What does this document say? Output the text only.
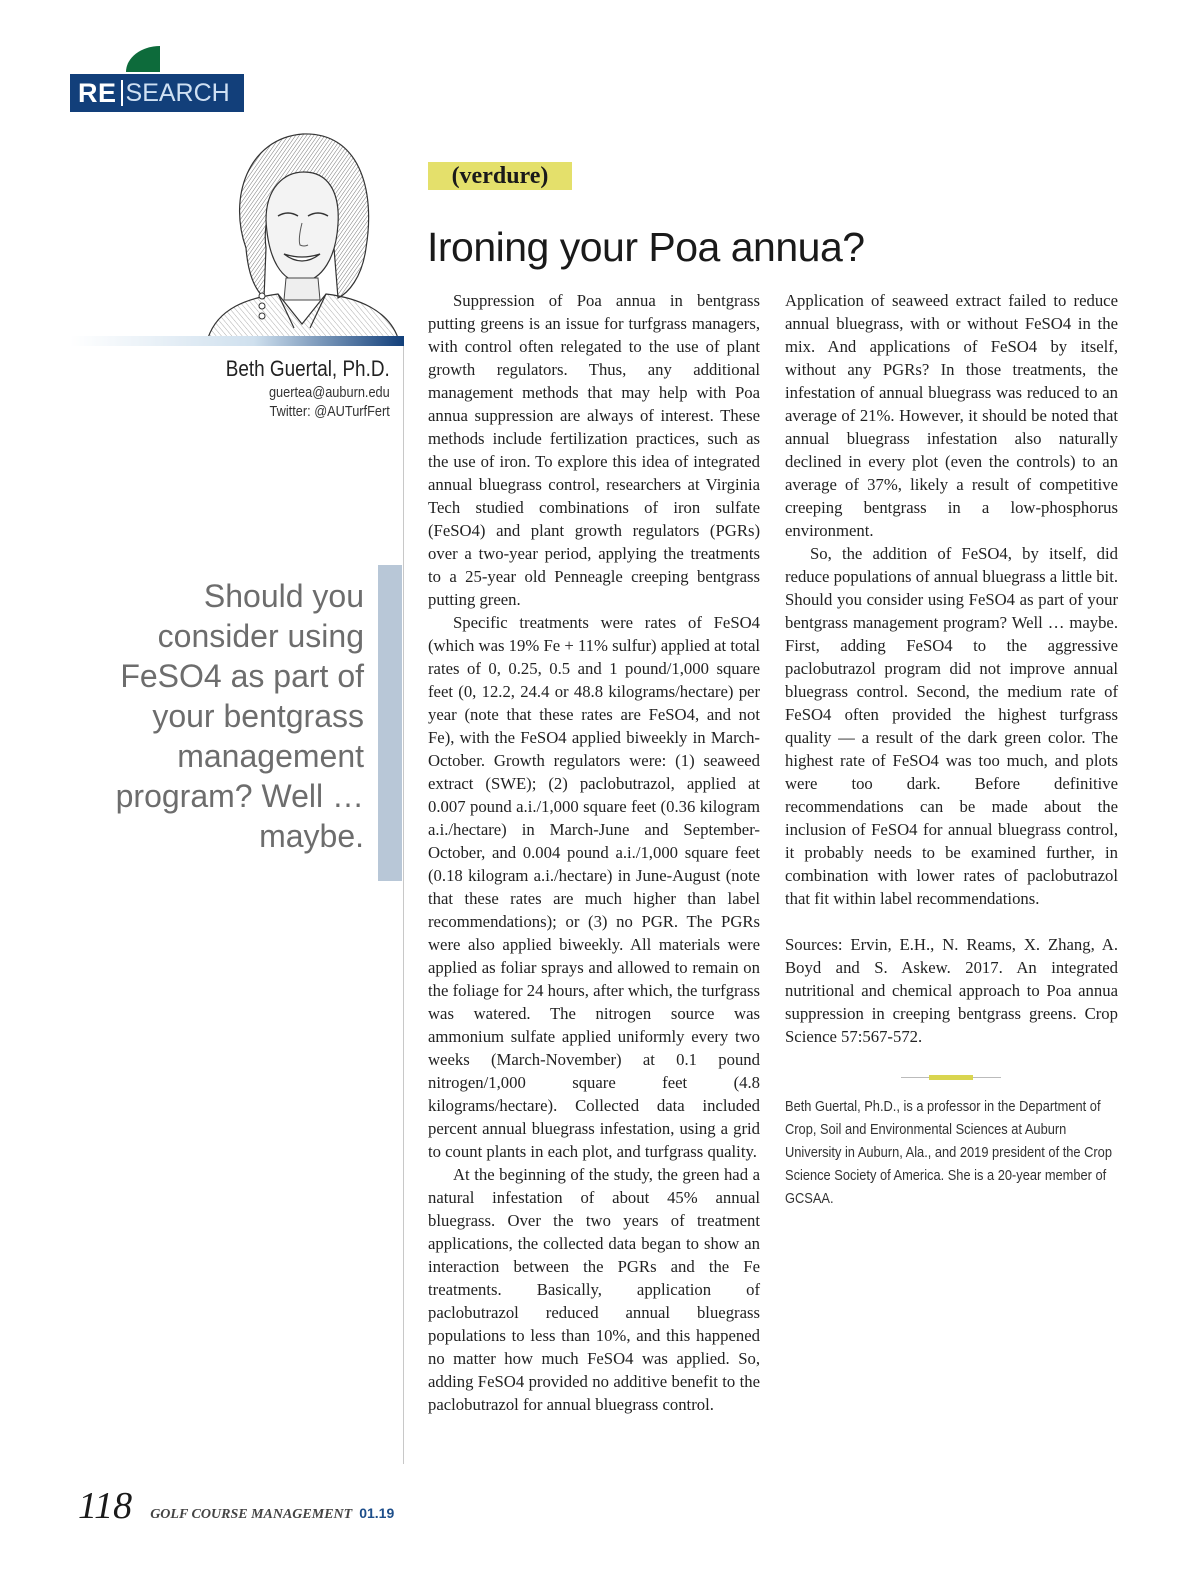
RE SEARCH
Beth Guertal, Ph.D.
guertea@auburn.edu
Twitter: @AUTurfFert
Should you consider using FeSO4 as part of your bentgrass management program? Well … maybe.
(verdure)
Ironing your Poa annua?

Suppression of Poa annua in bentgrass putting greens is an issue for turfgrass managers, with control often relegated to the use of plant growth regulators. Thus, any additional management methods that may help with Poa annua suppression are always of interest. These methods include fertilization practices, such as the use of iron. To explore this idea of integrated annual bluegrass control, researchers at Virginia Tech studied combinations of iron sulfate (FeSO4) and plant growth regulators (PGRs) over a two-year period, applying the treatments to a 25-year old Penneagle creeping bentgrass putting green.

Specific treatments were rates of FeSO4 (which was 19% Fe + 11% sulfur) applied at total rates of 0, 0.25, 0.5 and 1 pound/1,000 square feet (0, 12.2, 24.4 or 48.8 kilograms/hectare) per year (note that these rates are FeSO4, and not Fe), with the FeSO4 applied biweekly in March-October. Growth regulators were: (1) seaweed extract (SWE); (2) paclobutrazol, applied at 0.007 pound a.i./1,000 square feet (0.36 kilogram a.i./hectare) in March-June and September-October, and 0.004 pound a.i./1,000 square feet (0.18 kilogram a.i./hectare) in June-August (note that these rates are much higher than label recommendations); or (3) no PGR. The PGRs were also applied biweekly. All materials were applied as foliar sprays and allowed to remain on the foliage for 24 hours, after which, the turfgrass was watered. The nitrogen source was ammonium sulfate applied uniformly every two weeks (March-November) at 0.1 pound nitrogen/1,000 square feet (4.8 kilograms/hectare). Collected data included percent annual bluegrass infestation, using a grid to count plants in each plot, and turfgrass quality.

At the beginning of the study, the green had a natural infestation of about 45% annual bluegrass. Over the two years of treatment applications, the collected data began to show an interaction between the PGRs and the Fe treatments. Basically, application of paclobutrazol reduced annual bluegrass populations to less than 10%, and this happened no matter how much FeSO4 was applied. So, adding FeSO4 provided no additive benefit to the paclobutrazol for annual bluegrass control.

Application of seaweed extract failed to reduce annual bluegrass, with or without FeSO4 in the mix. And applications of FeSO4 by itself, without any PGRs? In those treatments, the infestation of annual bluegrass was reduced to an average of 21%. However, it should be noted that annual bluegrass infestation also naturally declined in every plot (even the controls) to an average of 37%, likely a result of competitive creeping bentgrass in a low-phosphorus environment.

So, the addition of FeSO4, by itself, did reduce populations of annual bluegrass a little bit. Should you consider using FeSO4 as part of your bentgrass management program? Well … maybe. First, adding FeSO4 to the aggressive paclobutrazol program did not improve annual bluegrass control. Second, the medium rate of FeSO4 often provided the highest turfgrass quality — a result of the dark green color. The highest rate of FeSO4 was too much, and plots were too dark. Before definitive recommendations can be made about the inclusion of FeSO4 for annual bluegrass control, it probably needs to be examined further, in combination with lower rates of paclobutrazol that fit within label recommendations.

Sources: Ervin, E.H., N. Reams, X. Zhang, A. Boyd and S. Askew. 2017. An integrated nutritional and chemical approach to Poa annua suppression in creeping bentgrass greens. Crop Science 57:567-572.

Beth Guertal, Ph.D., is a professor in the Department of Crop, Soil and Environmental Sciences at Auburn University in Auburn, Ala., and 2019 president of the Crop Science Society of America. She is a 20-year member of GCSAA.
118 GOLF COURSE MANAGEMENT 01.19
